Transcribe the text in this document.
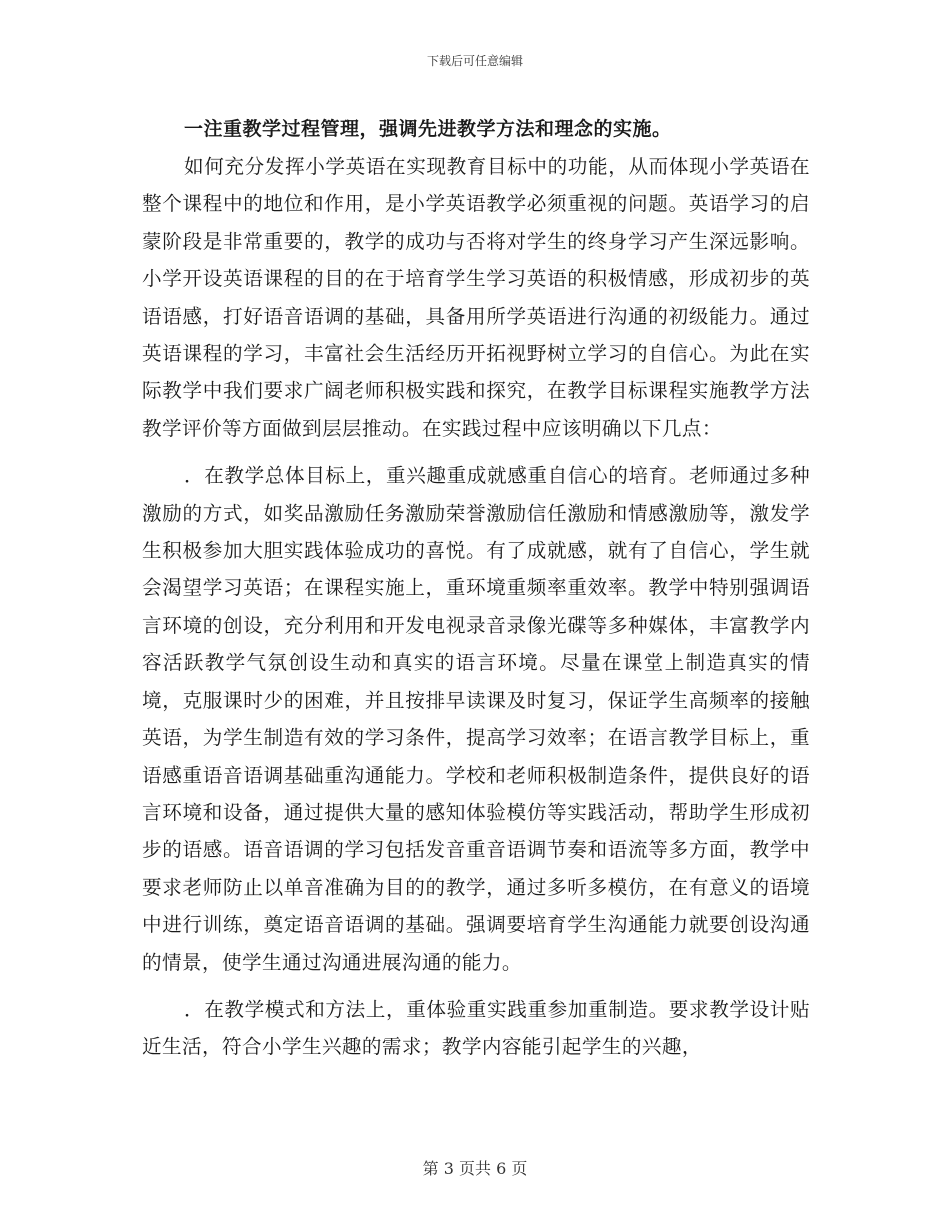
下载后可任意编辑
一注重教学过程管理，强调先进教学方法和理念的实施。

如何充分发挥小学英语在实现教育目标中的功能，从而体现小学英语在整个课程中的地位和作用，是小学英语教学必须重视的问题。英语学习的启蒙阶段是非常重要的，教学的成功与否将对学生的终身学习产生深远影响。小学开设英语课程的目的在于培育学生学习英语的积极情感，形成初步的英语语感，打好语音语调的基础，具备用所学英语进行沟通的初级能力。通过英语课程的学习，丰富社会生活经历开拓视野树立学习的自信心。为此在实际教学中我们要求广阔老师积极实践和探究，在教学目标课程实施教学方法教学评价等方面做到层层推动。在实践过程中应该明确以下几点：

．在教学总体目标上，重兴趣重成就感重自信心的培育。老师通过多种激励的方式，如奖品激励任务激励荣誉激励信任激励和情感激励等，激发学生积极参加大胆实践体验成功的喜悦。有了成就感，就有了自信心，学生就会渴望学习英语；在课程实施上，重环境重频率重效率。教学中特别强调语言环境的创设，充分利用和开发电视录音录像光碟等多种媒体，丰富教学内容活跃教学气氛创设生动和真实的语言环境。尽量在课堂上制造真实的情境，克服课时少的困难，并且按排早读课及时复习，保证学生高频率的接触英语，为学生制造有效的学习条件，提高学习效率；在语言教学目标上，重语感重语音语调基础重沟通能力。学校和老师积极制造条件，提供良好的语言环境和设备，通过提供大量的感知体验模仿等实践活动，帮助学生形成初步的语感。语音语调的学习包括发音重音语调节奏和语流等多方面，教学中要求老师防止以单音准确为目的的教学，通过多听多模仿，在有意义的语境中进行训练，奠定语音语调的基础。强调要培育学生沟通能力就要创设沟通的情景，使学生通过沟通进展沟通的能力。

．在教学模式和方法上，重体验重实践重参加重制造。要求教学设计贴近生活，符合小学生兴趣的需求；教学内容能引起学生的兴趣，

第 3 页共 6 页
